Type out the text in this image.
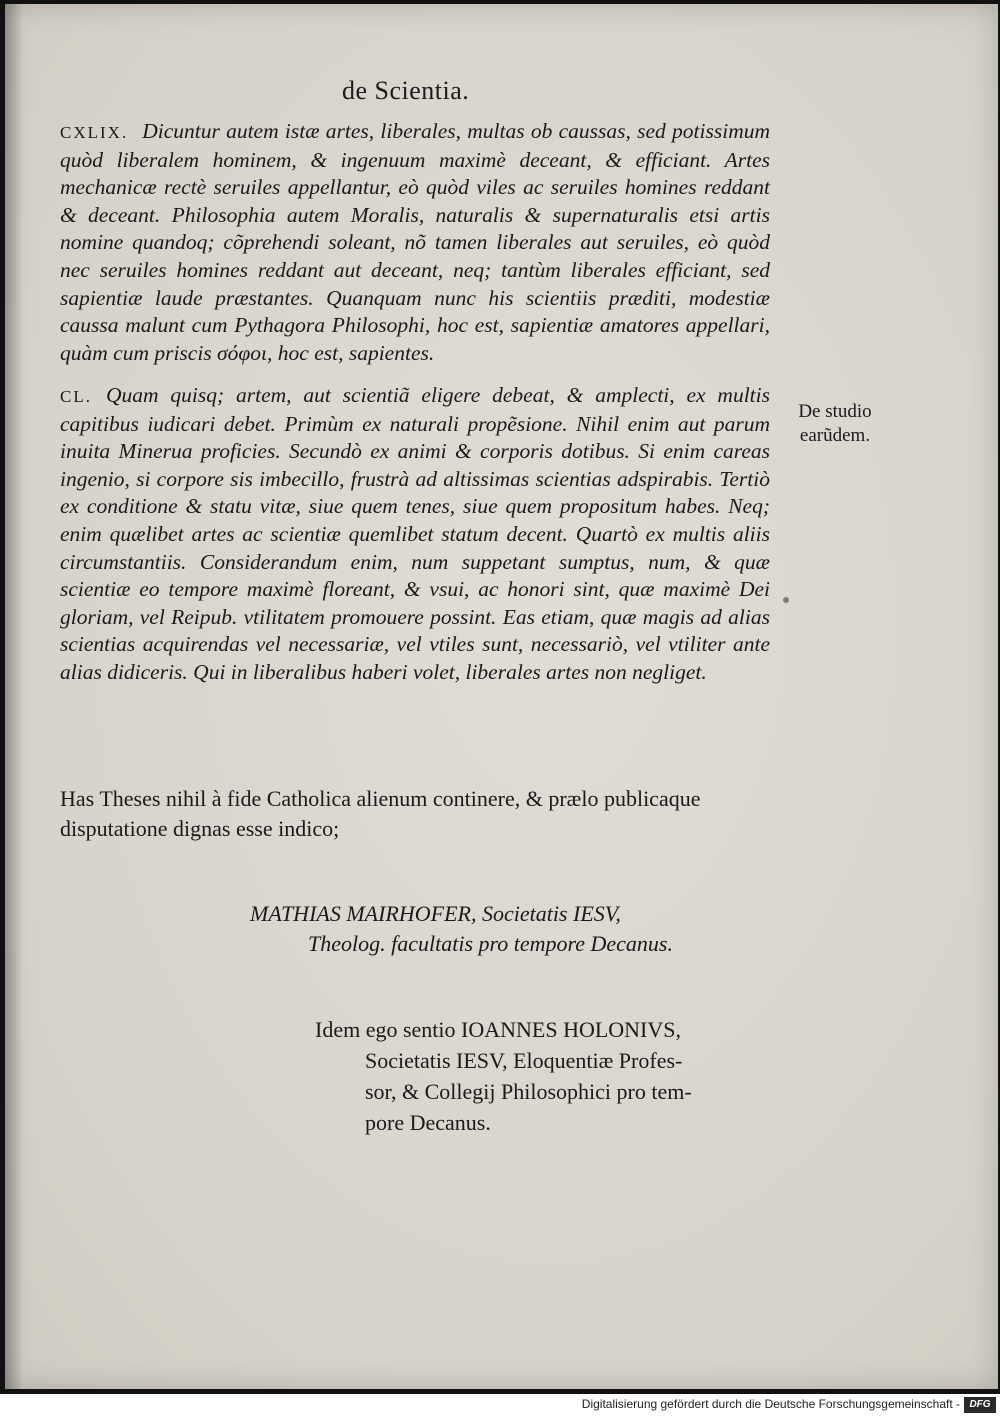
de Scientia.

CXLIX. Dicuntur autem istæ artes, liberales, multas ob caussas, sed potissimum quòd liberalem hominem, & ingenuum maximè deceant, & efficiant. Artes mechanicæ rectè seruiles appellantur, eò quòd viles ac seruiles homines reddant & deceant. Philosophia autem Moralis, naturalis & supernaturalis etsi artis nomine quandoq; cõprehendi soleant, nõ tamen liberales aut seruiles, eò quòd nec seruiles homines reddant aut deceant, neq; tantùm liberales efficiant, sed sapientiæ laude præstantes. Quanquam nunc his scientiis præditi, modestiæ caussa malunt cum Pythagora Philosophi, hoc est, sapientiæ amatores appellari, quàm cum priscis σόφοι, hoc est, sapientes.

CL. Quam quisq; artem, aut scientiã eligere debeat, & amplecti, ex multis capitibus iudicari debet. Primùm ex naturali propẽsione. Nihil enim aut parum inuita Minerua proficies. Secundò ex animi & corporis dotibus. Si enim careas ingenio, si corpore sis imbecillo, frustrà ad altissimas scientias adspirabis. Tertiò ex conditione & statu vitæ, siue quem tenes, siue quem propositum habes. Neq; enim quælibet artes ac scientiæ quemlibet statum decent. Quartò ex multis aliis circumstantiis. Considerandum enim, num suppetant sumptus, num, & quæ scientiæ eo tempore maximè floreant, & vsui, ac honori sint, quæ maximè Dei gloriam, vel Reipub. vtilitatem promouere possint. Eas etiam, quæ magis ad alias scientias acquirendas vel necessariæ, vel vtiles sunt, necessariò, vel vtiliter ante alias didiceris. Qui in liberalibus haberi volet, liberales artes non negliget.

De studio
earũdem.

Has Theses nihil à fide Catholica alienum continere, & prælo publicaque disputatione dignas esse indico;

MATHIAS MAIRHOFER, Societatis IESV,
Theolog. facultatis pro tempore Decanus.
Idem ego sentio IOANNES HOLONIVS,
Societatis IESV, Eloquentiæ Profes-
sor, & Collegij Philosophici pro tem-
pore Decanus.
Digitalisierung gefördert durch die Deutsche Forschungsgemeinschaft - DFG
